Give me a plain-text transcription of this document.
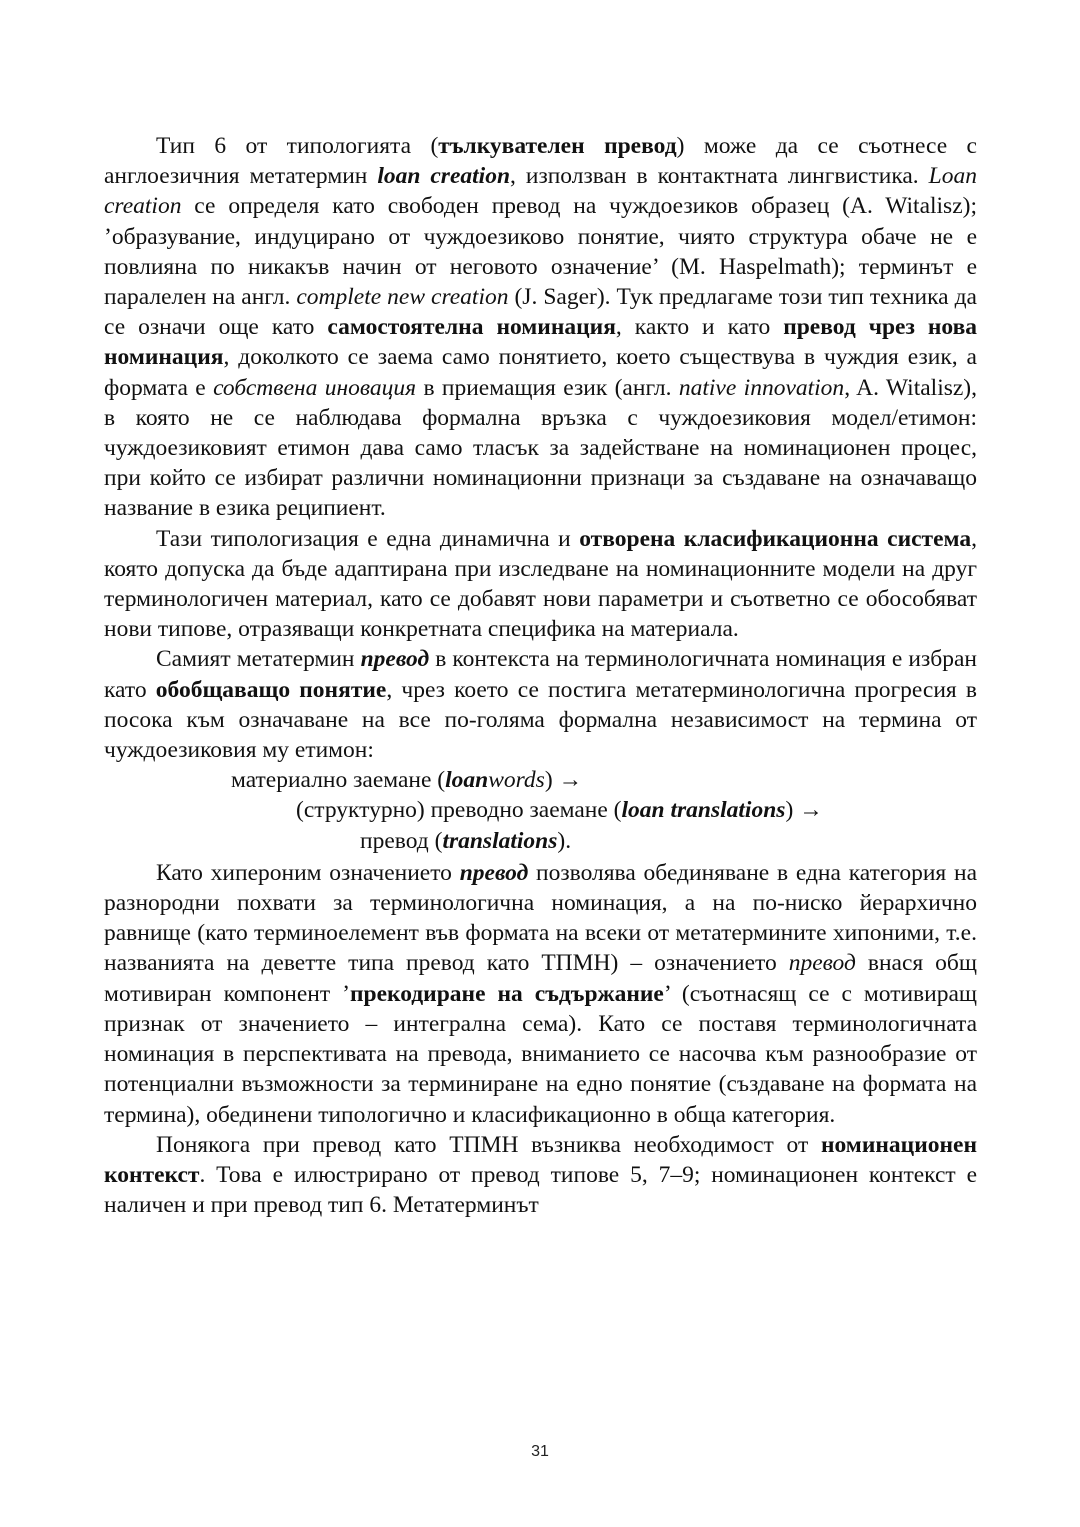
Тип 6 от типологията (тълкувателен превод) може да се съотнесе с англоезичния метатермин loan creation, използван в контактната лингвистика. Loan creation се определя като свободен превод на чуждоезиков образец (A. Witalisz); ’образувание, индуцирано от чуждоезиково понятие, чиято структура обаче не е повлияна по никакъв начин от неговото означение’ (M. Haspelmath); терминът е паралелен на англ. complete new creation (J. Sager). Тук предлагаме този тип техника да се означи още като самостоятелна номинация, както и като превод чрез нова номинация, доколкото се заема само понятието, което съществува в чуждия език, а формата е собствена иновация в приемащия език (англ. native innovation, A. Witalisz), в която не се наблюдава формална връзка с чуждоезиковия модел/етимон: чуждоезиковият етимон дава само тласък за задействане на номинационен процес, при който се избират различни номинационни признаци за създаване на означаващо название в езика реципиент.

Тази типологизация е една динамична и отворена класификационна система, която допуска да бъде адаптирана при изследване на номинационните модели на друг терминологичен материал, като се добавят нови параметри и съответно се обособяват нови типове, отразяващи конкретната специфика на материала.

Самият метатермин превод в контекста на терминологичната номинация е избран като обобщаващо понятие, чрез което се постига метатерминологична прогресия в посока към означаване на все по-голяма формална независимост на термина от чуждоезиковия му етимон:

материално заемане (loanwords) →

(структурно) преводно заемане (loan translations) →

превод (translations).

Като хипероним означението превод позволява обединяване в една категория на разнородни похвати за терминологична номинация, а на по-ниско йерархично равнище (като терминоелемент във формата на всеки от метатермините хипоними, т.е. названията на деветте типа превод като ТПМН) – означението превод внася общ мотивиран компонент ’прекодиране на съдържание’ (съотнасящ се с мотивиращ признак от значението – интегрална сема). Като се поставя терминологичната номинация в перспективата на превода, вниманието се насочва към разнообразие от потенциални възможности за терминиране на едно понятие (създаване на формата на термина), обединени типологично и класификационно в обща категория.

Понякога при превод като ТПМН възниква необходимост от номинационен контекст. Това е илюстрирано от превод типове 5, 7–9; номинационен контекст е наличен и при превод тип 6. Метатерминът

31
